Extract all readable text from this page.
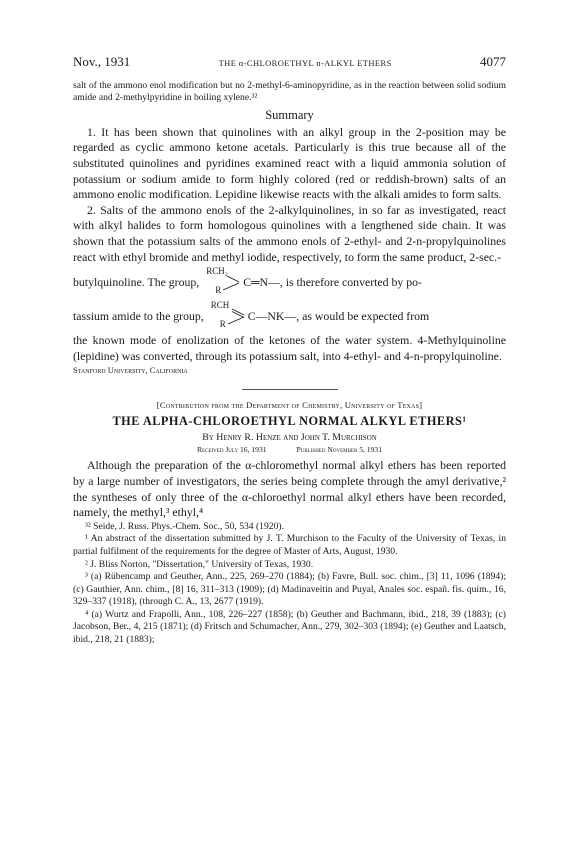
Nov., 1931	THE α-CHLOROETHYL n-ALKYL ETHERS	4077

salt of the ammono enol modification but no 2-methyl-6-aminopyridine, as in the reaction between solid sodium amide and 2-methylpyridine in boiling xylene.³²

Summary

1. It has been shown that quinolines with an alkyl group in the 2-position may be regarded as cyclic ammono ketone acetals. Particularly is this true because all of the substituted quinolines and pyridines examined react with a liquid ammonia solution of potassium or sodium amide to form highly colored (red or reddish-brown) salts of an ammono enolic modification. Lepidine likewise reacts with the alkali amides to form salts.

2. Salts of the ammono enols of the 2-alkylquinolines, in so far as investigated, react with alkyl halides to form homologous quinolines with a lengthened side chain. It was shown that the potassium salts of the ammono enols of 2-ethyl- and 2-n-propylquinolines react with ethyl bromide and methyl iodide, respectively, to form the same product, 2-sec.-

butylquinoline. The group,
RCH₂
R
C═N—, is therefore converted by po-
tassium amide to the group,
RCH
R
C—NK—, as would be expected from

the known mode of enolization of the ketones of the water system. 4-Methylquinoline (lepidine) was converted, through its potassium salt, into 4-ethyl- and 4-n-propylquinoline.

Stanford University, California
[Contribution from the Department of Chemistry, University of Texas]
THE ALPHA-CHLOROETHYL NORMAL ALKYL ETHERS¹
By Henry R. Henze and John T. Murchison
Received July 16, 1931	Published November 5, 1931

Although the preparation of the α-chloromethyl normal alkyl ethers has been reported by a large number of investigators, the series being complete through the amyl derivative,² the syntheses of only three of the α-chloroethyl normal alkyl ethers have been recorded, namely, the methyl,³ ethyl,⁴

³² Seide, J. Russ. Phys.-Chem. Soc., 50, 534 (1920).

¹ An abstract of the dissertation submitted by J. T. Murchison to the Faculty of the University of Texas, in partial fulfilment of the requirements for the degree of Master of Arts, August, 1930.

² J. Bliss Norton, "Dissertation," University of Texas, 1930.

³ (a) Rübencamp and Geuther, Ann., 225, 269–270 (1884); (b) Favre, Bull. soc. chim., [3] 11, 1096 (1894); (c) Gauthier, Ann. chim., [8] 16, 311–313 (1909); (d) Madinaveitin and Puyal, Anales soc. españ. fis. quím., 16, 329–337 (1918), (through C. A., 13, 2677 (1919).

⁴ (a) Wurtz and Frapolli, Ann., 108, 226–227 (1858); (b) Geuther and Bachmann, ibid., 218, 39 (1883); (c) Jacobson, Ber., 4, 215 (1871); (d) Fritsch and Schumacher, Ann., 279, 302–303 (1894); (e) Geuther and Laatsch, ibid., 218, 21 (1883);
